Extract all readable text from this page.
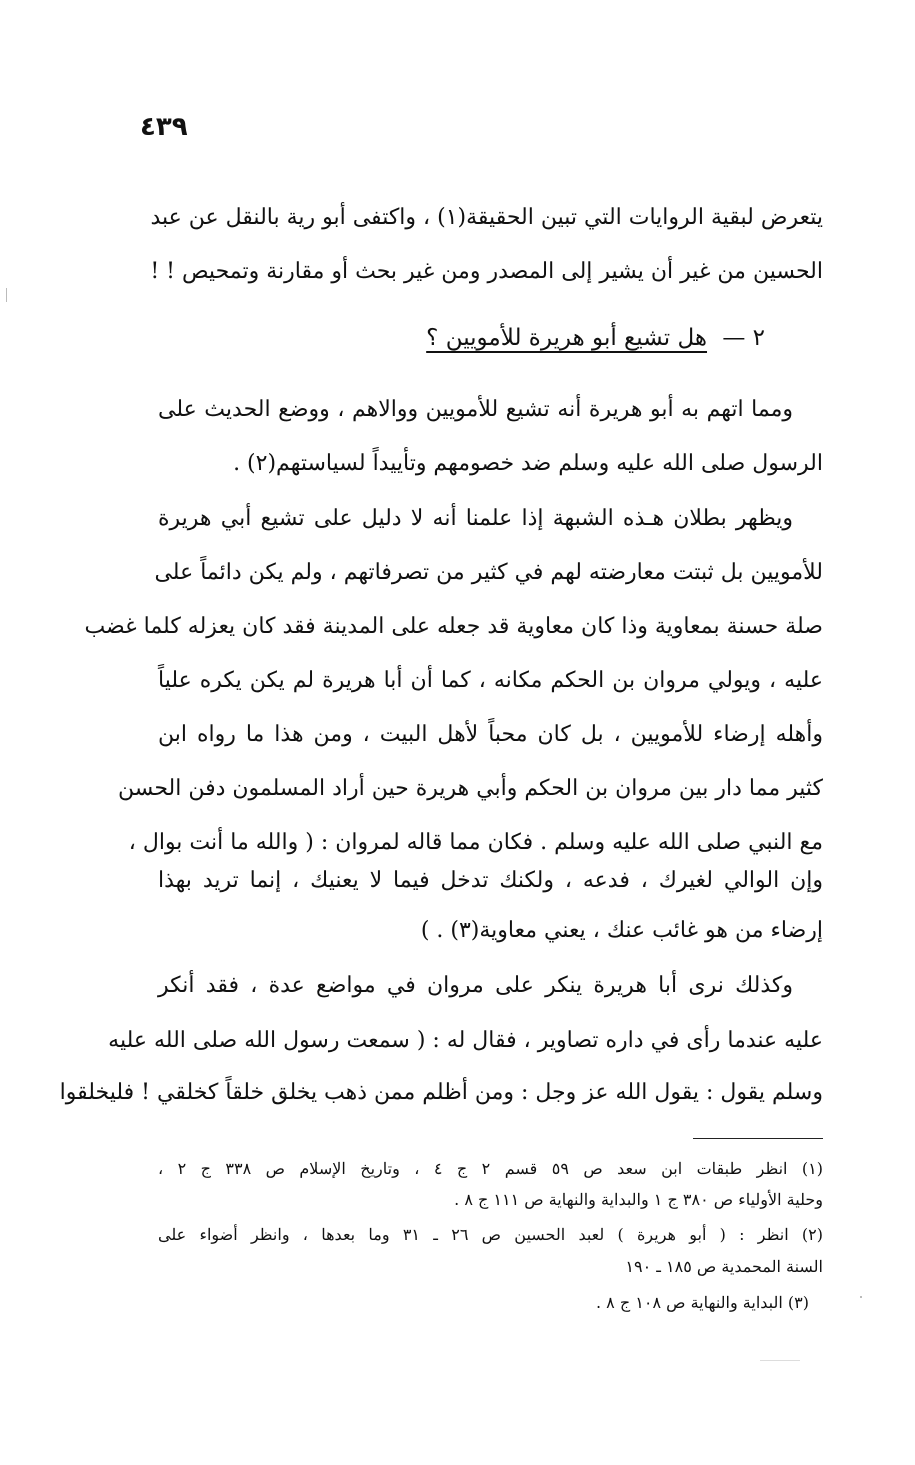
٤٣٩
يتعرض لبقية الروايات التي تبين الحقيقة(١) ، واكتفى أبو رية بالنقل عن عبد
الحسين من غير أن يشير إلى المصدر ومن غير بحث أو مقارنة وتمحيص ! !
٢ — هل تشيع أبو هريرة للأمويين ؟
ومما اتهم به أبو هريرة أنه تشيع للأمويين ووالاهم ، ووضع الحديث على
الرسول صلى الله عليه وسلم ضد خصومهم وتأييداً لسياستهم(٢) .
ويظهر بطلان هـذه الشبهة إذا علمنا أنه لا دليل على تشيع أبي هريرة
للأمويين بل ثبتت معارضته لهم في كثير من تصرفاتهم ، ولم يكن دائماً على
صلة حسنة بمعاوية وذا كان معاوية قد جعله على المدينة فقد كان يعزله كلما غضب
عليه ، ويولي مروان بن الحكم مكانه ، كما أن أبا هريرة لم يكن يكره علياً
وأهله إرضاء للأمويين ، بل كان محباً لأهل البيت ، ومن هذا ما رواه ابن
كثير مما دار بين مروان بن الحكم وأبي هريرة حين أراد المسلمون دفن الحسن
مع النبي صلى الله عليه وسلم . فكان مما قاله لمروان : ( والله ما أنت بوال ،
وإن الوالي لغيرك ، فدعه ، ولكنك تدخل فيما لا يعنيك ، إنما تريد بهذا
إرضاء من هو غائب عنك ، يعني معاوية(٣) . )
وكذلك نرى أبا هريرة ينكر على مروان في مواضع عدة ، فقد أنكر
عليه عندما رأى في داره تصاوير ، فقال له : ( سمعت رسول الله صلى الله عليه
وسلم يقول : يقول الله عز وجل : ومن أظلم ممن ذهب يخلق خلقاً كخلقي ! فليخلقوا
(١) انظر طبقات ابن سعد ص ٥٩ قسم ٢ ج ٤ ، وتاريخ الإسلام ص ٣٣٨ ج ٢ ،
وحلية الأولياء ص ٣٨٠ ج ١ والبداية والنهاية ص ١١١ ج ٨ .
(٢) انظر : ( أبو هريرة ) لعبد الحسين ص ٢٦ ـ ٣١ وما بعدها ، وانظر أضواء على
السنة المحمدية ص ١٨٥ ـ ١٩٠
(٣) البداية والنهاية ص ١٠٨ ج ٨ .
